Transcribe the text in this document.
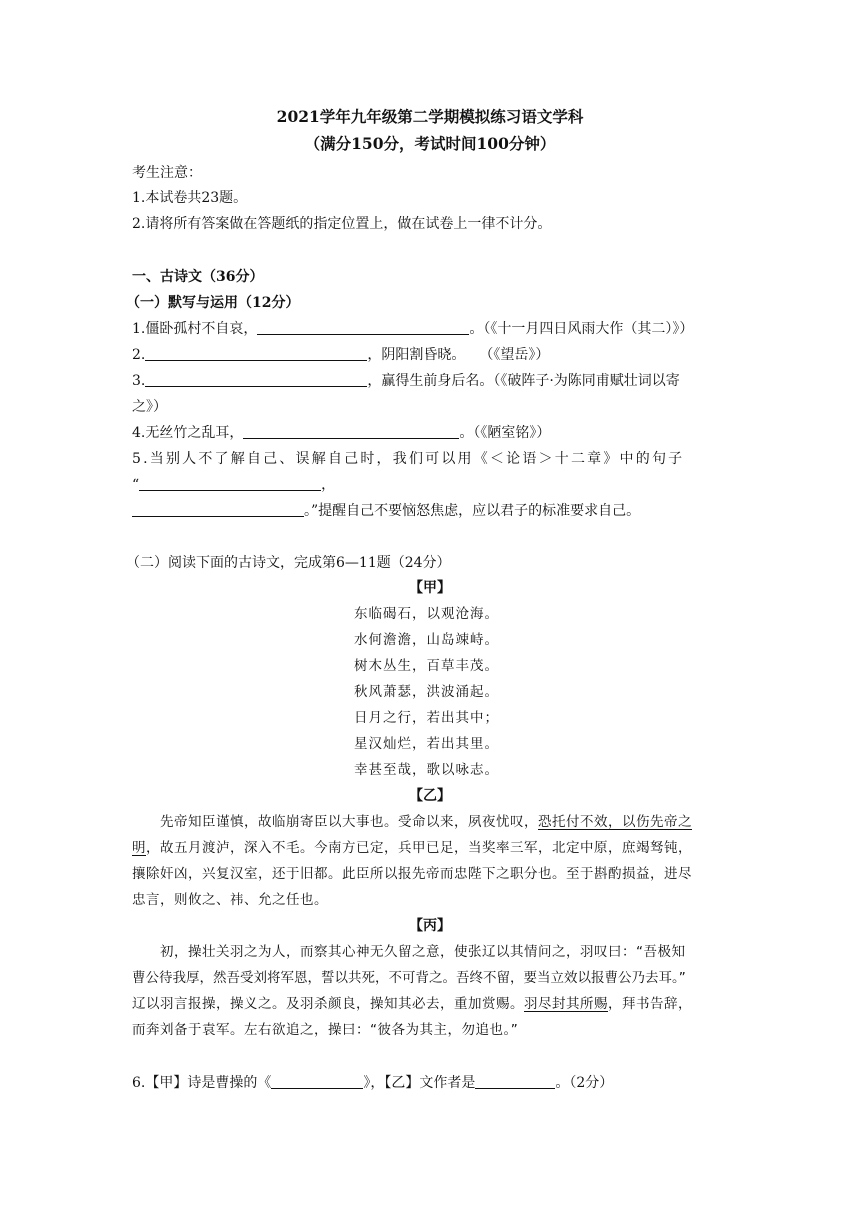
2021学年九年级第二学期模拟练习语文学科
（满分150分，考试时间100分钟）
考生注意：
1.本试卷共23题。
2.请将所有答案做在答题纸的指定位置上，做在试卷上一律不计分。
一、古诗文（36分）
（一）默写与运用（12分）
1.僵卧孤村不自哀，	。（《十一月四日风雨大作（其二）》）
2.	，阴阳割昏晓。　　（《望岳》）
3.	，赢得生前身后名。（《破阵子·为陈同甫赋壮词以寄
之》）
4.无丝竹之乱耳，	。（《陋室铭》）
5.当别人不了解自己、误解自己时，我们可以用《＜论语＞十二章》中的句子
“	，
。”提醒自己不要恼怒焦虑，应以君子的标准要求自己。
（二）阅读下面的古诗文，完成第6—11题（24分）
【甲】
东临碣石，以观沧海。
水何澹澹，山岛竦峙。
树木丛生，百草丰茂。
秋风萧瑟，洪波涌起。
日月之行，若出其中；
星汉灿烂，若出其里。
幸甚至哉，歌以咏志。
【乙】
先帝知臣谨慎，故临崩寄臣以大事也。受命以来，夙夜忧叹，恐托付不效，以伤先帝之
明，故五月渡泸，深入不毛。今南方已定，兵甲已足，当奖率三军，北定中原，庶竭驽钝，
攘除奸凶，兴复汉室，还于旧都。此臣所以报先帝而忠陛下之职分也。至于斟酌损益，进尽
忠言，则攸之、祎、允之任也。
【丙】
初，操壮关羽之为人，而察其心神无久留之意，使张辽以其情问之，羽叹曰：“吾极知
曹公待我厚，然吾受刘将军恩，誓以共死，不可背之。吾终不留，要当立效以报曹公乃去耳。”
辽以羽言报操，操义之。及羽杀颜良，操知其必去，重加赏赐。羽尽封其所赐，拜书告辞，
而奔刘备于袁军。左右欲追之，操曰：“彼各为其主，勿追也。”
6.【甲】诗是曹操的《	》，【乙】文作者是	。（2分）
